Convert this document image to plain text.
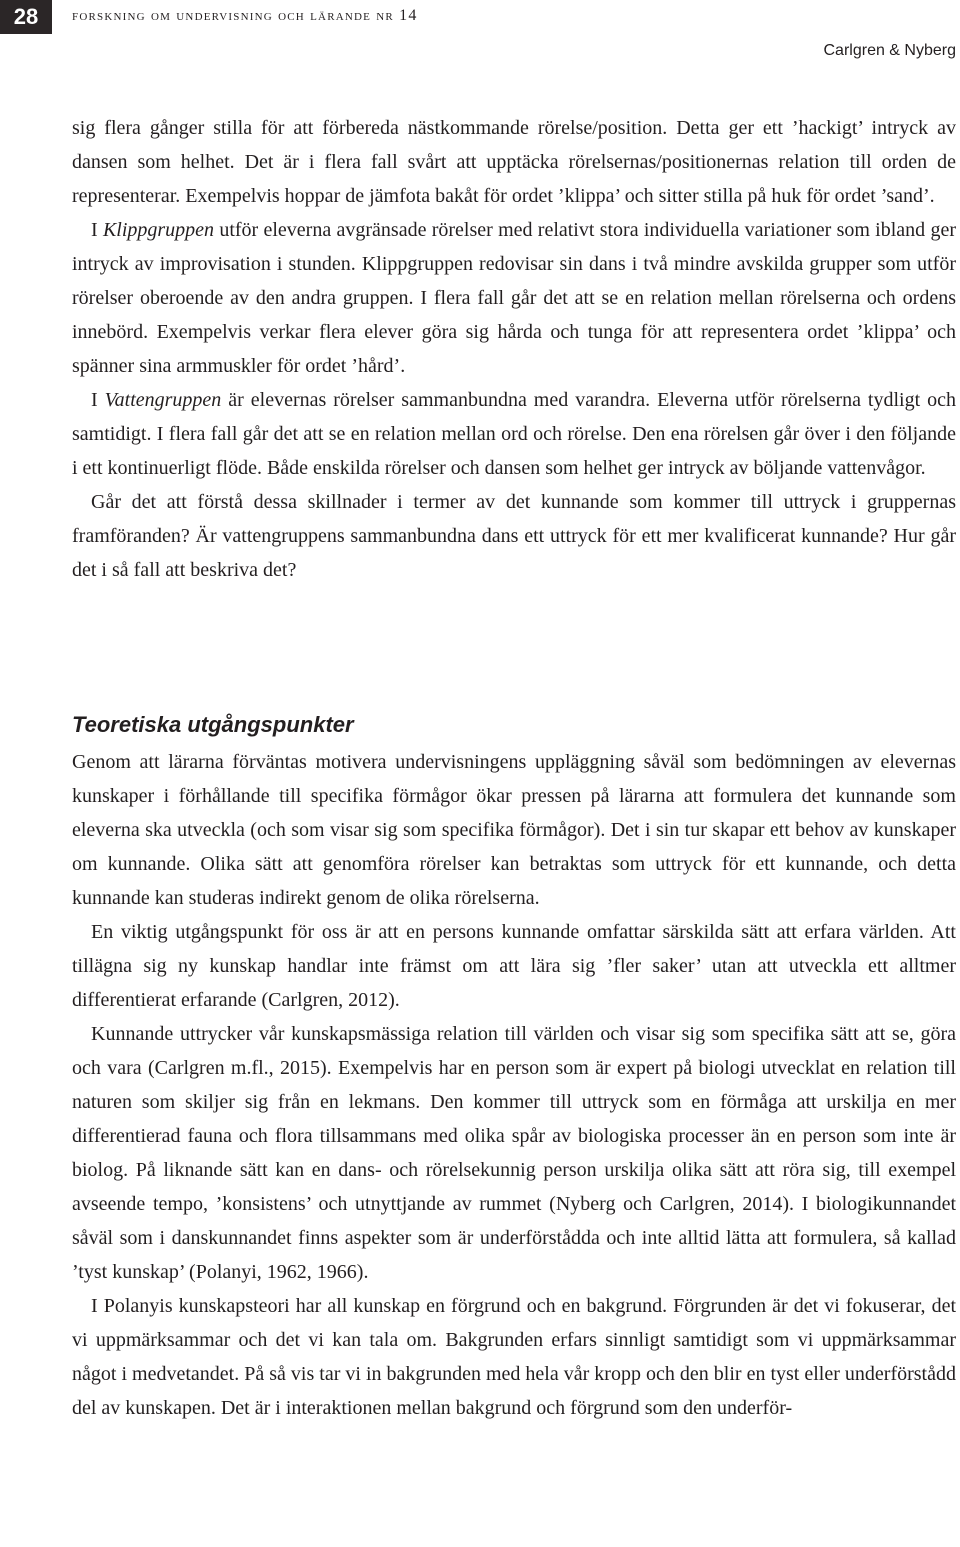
28	forskning om undervisning och lärande nr 14
Carlgren & Nyberg

sig flera gånger stilla för att förbereda nästkommande rörelse/position. Detta ger ett ’hackigt’ intryck av dansen som helhet. Det är i flera fall svårt att upptäcka rörelsernas/positionernas relation till orden de representerar. Exempelvis hoppar de jämfota bakåt för ordet ’klippa’ och sitter stilla på huk för ordet ’sand’.

I Klippgruppen utför eleverna avgränsade rörelser med relativt stora individuella variationer som ibland ger intryck av improvisation i stunden. Klippgruppen redovisar sin dans i två mindre avskilda grupper som utför rörelser oberoende av den andra gruppen. I flera fall går det att se en relation mellan rörelserna och ordens innebörd. Exempelvis verkar flera elever göra sig hårda och tunga för att representera ordet ’klippa’ och spänner sina armmuskler för ordet ’hård’.

I Vattengruppen är elevernas rörelser sammanbundna med varandra. Eleverna utför rörelserna tydligt och samtidigt. I flera fall går det att se en relation mellan ord och rörelse. Den ena rörelsen går över i den följande i ett kontinuerligt flöde. Både enskilda rörelser och dansen som helhet ger intryck av böljande vattenvågor.

Går det att förstå dessa skillnader i termer av det kunnande som kommer till uttryck i gruppernas framföranden? Är vattengruppens sammanbundna dans ett uttryck för ett mer kvalificerat kunnande? Hur går det i så fall att beskriva det?

Teoretiska utgångspunkter

Genom att lärarna förväntas motivera undervisningens uppläggning såväl som bedömningen av elevernas kunskaper i förhållande till specifika förmågor ökar pressen på lärarna att formulera det kunnande som eleverna ska utveckla (och som visar sig som specifika förmågor). Det i sin tur skapar ett behov av kunskaper om kunnande. Olika sätt att genomföra rörelser kan betraktas som uttryck för ett kunnande, och detta kunnande kan studeras indirekt genom de olika rörelserna.

En viktig utgångspunkt för oss är att en persons kunnande omfattar särskilda sätt att erfara världen. Att tillägna sig ny kunskap handlar inte främst om att lära sig ’fler saker’ utan att utveckla ett alltmer differentierat erfarande (Carlgren, 2012).

Kunnande uttrycker vår kunskapsmässiga relation till världen och visar sig som specifika sätt att se, göra och vara (Carlgren m.fl., 2015). Exempelvis har en person som är expert på biologi utvecklat en relation till naturen som skiljer sig från en lekmans. Den kommer till uttryck som en förmåga att urskilja en mer differentierad fauna och flora tillsammans med olika spår av biologiska processer än en person som inte är biolog. På liknande sätt kan en dans- och rörelsekunnig person urskilja olika sätt att röra sig, till exempel avseende tempo, ’konsistens’ och utnyttjande av rummet (Nyberg och Carlgren, 2014). I biologikunnandet såväl som i danskunnandet finns aspekter som är underförstådda och inte alltid lätta att formulera, så kallad ’tyst kunskap’ (Polanyi, 1962, 1966).

I Polanyis kunskapsteori har all kunskap en förgrund och en bakgrund. Förgrunden är det vi fokuserar, det vi uppmärksammar och det vi kan tala om. Bakgrunden erfars sinnligt samtidigt som vi uppmärksammar något i medvetandet. På så vis tar vi in bakgrunden med hela vår kropp och den blir en tyst eller underförstådd del av kunskapen. Det är i interaktionen mellan bakgrund och förgrund som den underför-
